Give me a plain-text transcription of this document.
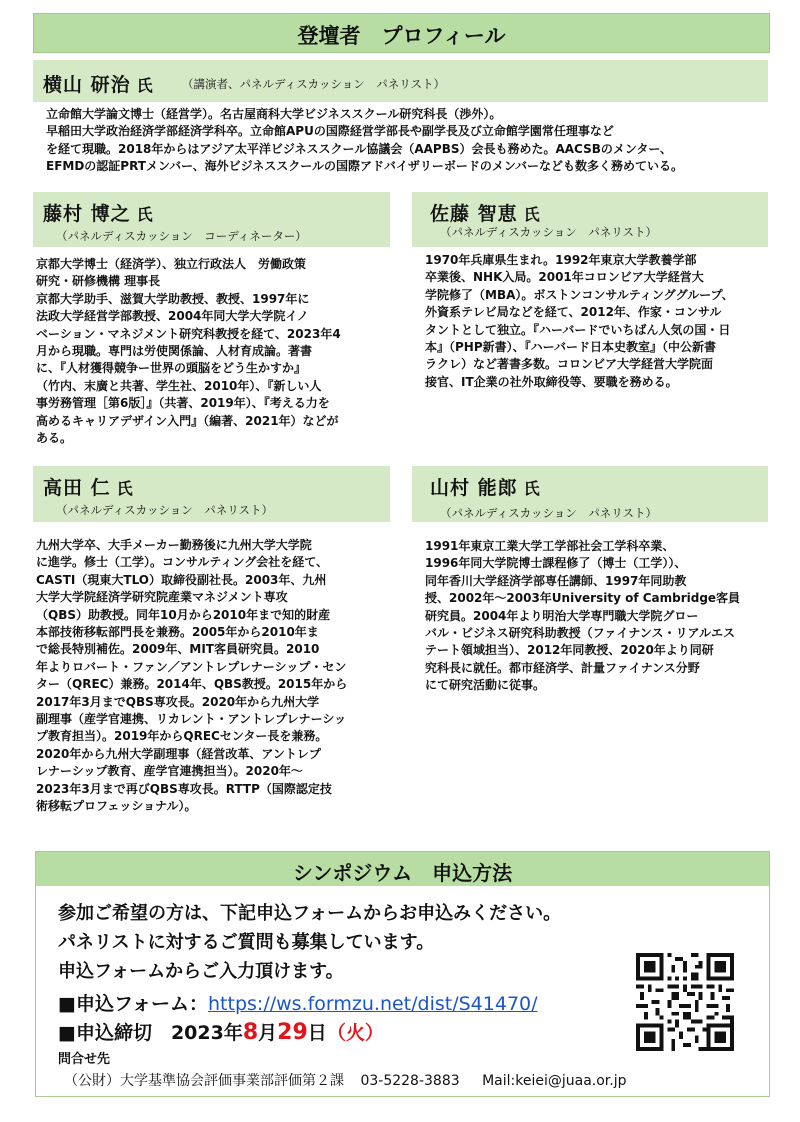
登壇者　プロフィール
横山 研治 氏 （講演者、パネルディスカッション　パネリスト）
立命館大学論文博士（経営学）。名古屋商科大学ビジネススクール研究科長（渉外）。
早稲田大学政治経済学部経済学科卒。立命館APUの国際経営学部長や副学長及び立命館学園常任理事など
を経て現職。2018年からはアジア太平洋ビジネススクール協議会（AAPBS）会長も務めた。AACSBのメンター、
EFMDの認証PRTメンバー、海外ビジネススクールの国際アドバイザリーボードのメンバーなども数多く務めている。
藤村 博之 氏
（パネルディスカッション　コーディネーター）
京都大学博士（経済学）、独立行政法人　労働政策
研究・研修機構 理事長
京都大学助手、滋賀大学助教授、教授、1997年に
法政大学経営学部教授、2004年同大学大学院イノ
ベーション・マネジメント研究科教授を経て、2023年4
月から現職。専門は労使関係論、人材育成論。著書
に、『人材獲得競争ー世界の頭脳をどう生かすか』
（竹内、末廣と共著、学生社、2010年）、『新しい人
事労務管理［第6版］』（共著、2019年）、『考える力を
高めるキャリアデザイン入門』（編著、2021年）などが
ある。
佐藤 智恵 氏
（パネルディスカッション　パネリスト）
1970年兵庫県生まれ。1992年東京大学教養学部
卒業後、NHK入局。2001年コロンビア大学経営大
学院修了（MBA）。ボストンコンサルティンググループ、
外資系テレビ局などを経て、2012年、作家・コンサル
タントとして独立。『ハーバードでいちばん人気の国・日
本』（PHP新書）、『ハーバード日本史教室』（中公新書
ラクレ）など著書多数。コロンビア大学経営大学院面
接官、IT企業の社外取締役等、要職を務める。
高田 仁 氏
（パネルディスカッション　パネリスト）
九州大学卒、大手メーカー勤務後に九州大学大学院
に進学。修士（工学）。コンサルティング会社を経て、
CASTI（現東大TLO）取締役副社長。2003年、九州
大学大学院経済学研究院産業マネジメント専攻
（QBS）助教授。同年10月から2010年まで知的財産
本部技術移転部門長を兼務。2005年から2010年ま
で総長特別補佐。2009年、MIT客員研究員。2010
年よりロバート・ファン／アントレプレナーシップ・セン
ター（QREC）兼務。2014年、QBS教授。2015年から
2017年3月までQBS専攻長。2020年から九州大学
副理事（産学官連携、リカレント・アントレプレナーシッ
プ教育担当）。2019年からQRECセンター長を兼務。
2020年から九州大学副理事（経営改革、アントレプ
レナーシップ教育、産学官連携担当）。2020年～
2023年3月まで再びQBS専攻長。RTTP（国際認定技
術移転プロフェッショナル）。
山村 能郎 氏
（パネルディスカッション　パネリスト）
1991年東京工業大学工学部社会工学科卒業、
1996年同大学院博士課程修了（博士（工学））、
同年香川大学経済学部専任講師、1997年同助教
授、2002年～2003年University of Cambridge客員
研究員。2004年より明治大学専門職大学院グロー
バル・ビジネス研究科助教授（ファイナンス・リアルエス
テート領域担当）、2012年同教授、2020年より同研
究科長に就任。都市経済学、計量ファイナンス分野
にて研究活動に従事。
シンポジウム　申込方法
参加ご希望の方は、下記申込フォームからお申込みください。
パネリストに対するご質問も募集しています。
申込フォームからご入力頂けます。
■申込フォーム：https://ws.formzu.net/dist/S41470/
■申込締切　2023年8月29日（火）
問合せ先
（公財）大学基準協会評価事業部評価第２課 03-5228-3883 Mail:keiei@juaa.or.jp
